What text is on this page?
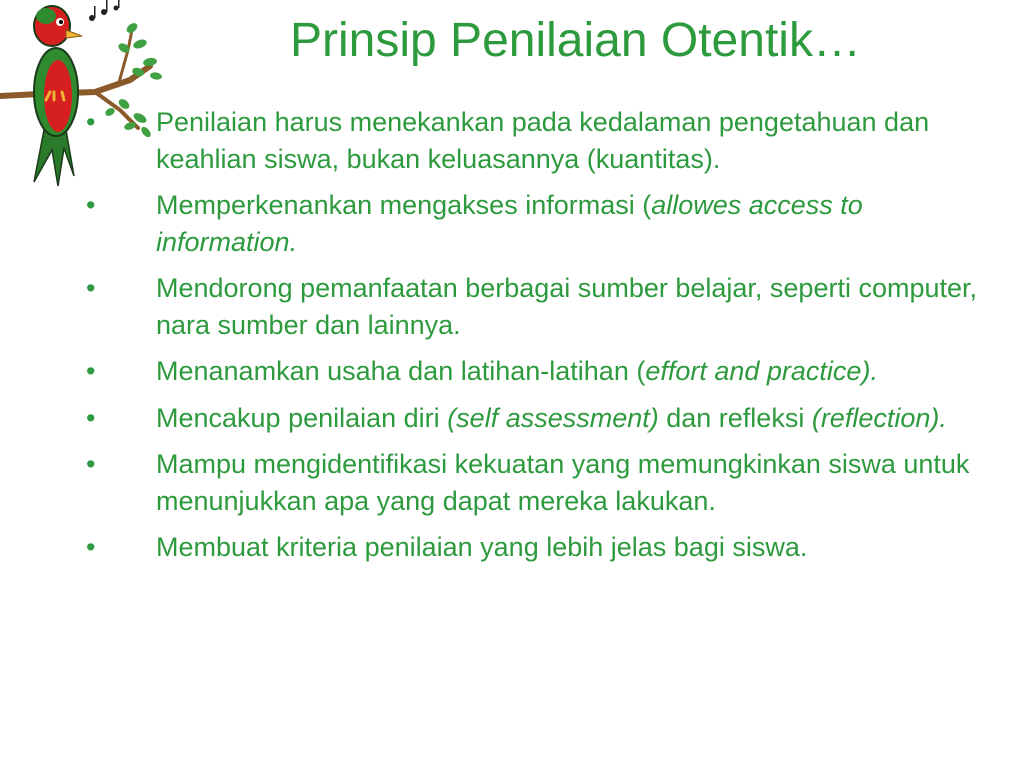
Prinsip Penilaian Otentik…
•	Penilaian harus menekankan pada kedalaman pengetahuan dan keahlian siswa, bukan keluasannya (kuantitas).
•	Memperkenankan mengakses informasi (allowes access to information.
•	Mendorong pemanfaatan berbagai sumber belajar, seperti computer, nara sumber dan lainnya.
•	Menanamkan usaha dan latihan-latihan (effort and practice).
•	Mencakup penilaian diri (self assessment) dan refleksi (reflection).
•	Mampu mengidentifikasi kekuatan yang memungkinkan siswa untuk menunjukkan apa yang dapat mereka lakukan.
•	Membuat kriteria penilaian yang lebih jelas bagi siswa.
